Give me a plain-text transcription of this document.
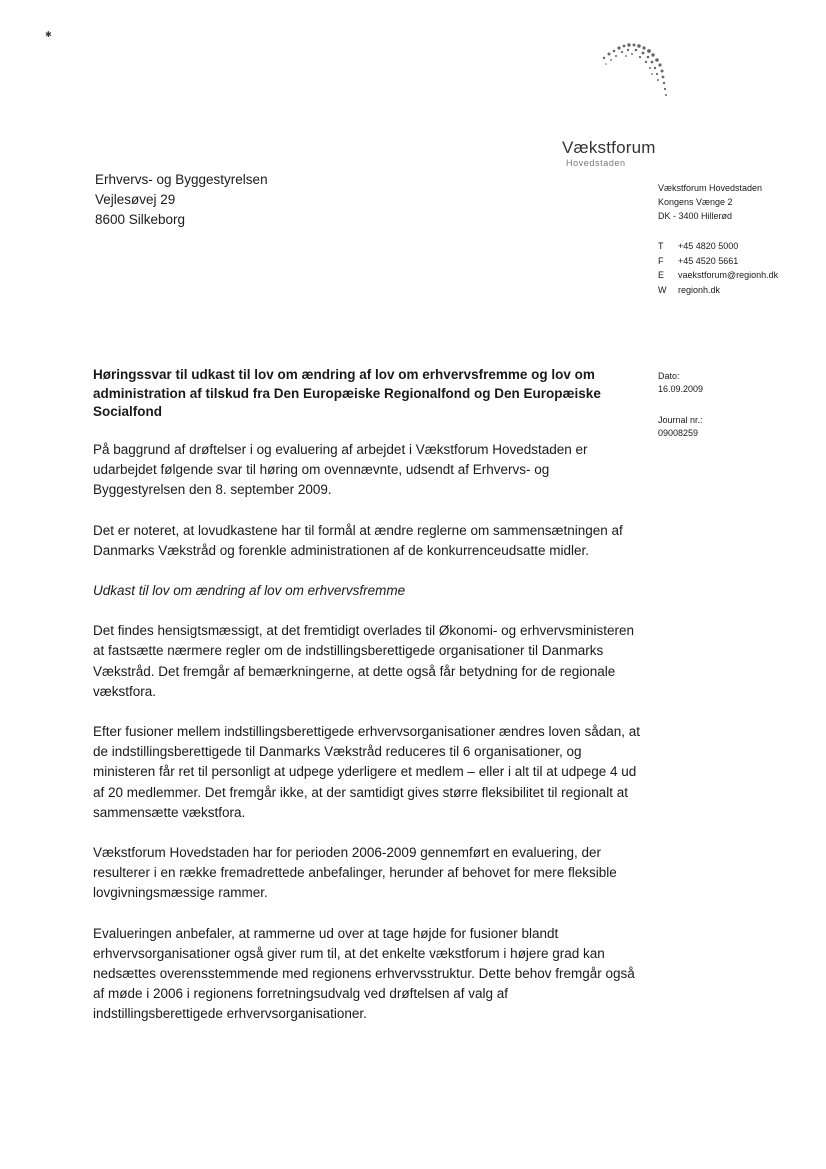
✱
Vækstforum
Hovedstaden
Erhvervs- og Byggestyrelsen
Vejlesøvej 29
8600 Silkeborg
Vækstforum Hovedstaden
Kongens Vænge 2
DK - 3400 Hillerød
T +45 4820 5000
F +45 4520 5661
E vaekstforum@regionh.dk
W regionh.dk
Dato:
16.09.2009
Journal nr.:
09008259
Høringssvar til udkast til lov om ændring af lov om erhvervsfremme og lov om administration af tilskud fra Den Europæiske Regionalfond og Den Europæiske Socialfond

På baggrund af drøftelser i og evaluering af arbejdet i Vækstforum Hovedstaden er udarbejdet følgende svar til høring om ovennævnte, udsendt af Erhvervs- og Byggestyrelsen den 8. september 2009.

Det er noteret, at lovudkastene har til formål at ændre reglerne om sammensætningen af Danmarks Vækstråd og forenkle administrationen af de konkurrenceudsatte midler.

Udkast til lov om ændring af lov om erhvervsfremme

Det findes hensigtsmæssigt, at det fremtidigt overlades til Økonomi- og erhvervsministeren at fastsætte nærmere regler om de indstillingsberettigede organisationer til Danmarks Vækstråd. Det fremgår af bemærkningerne, at dette også får betydning for de regionale vækstfora.

Efter fusioner mellem indstillingsberettigede erhvervsorganisationer ændres loven sådan, at de indstillingsberettigede til Danmarks Vækstråd reduceres til 6 organisationer, og ministeren får ret til personligt at udpege yderligere et medlem – eller i alt til at udpege 4 ud af 20 medlemmer. Det fremgår ikke, at der samtidigt gives større fleksibilitet til regionalt at sammensætte vækstfora.

Vækstforum Hovedstaden har for perioden 2006-2009 gennemført en evaluering, der resulterer i en række fremadrettede anbefalinger, herunder af behovet for mere fleksible lovgivningsmæssige rammer.

Evalueringen anbefaler, at rammerne ud over at tage højde for fusioner blandt erhvervsorganisationer også giver rum til, at det enkelte vækstforum i højere grad kan nedsættes overensstemmende med regionens erhvervsstruktur. Dette behov fremgår også af møde i 2006 i regionens forretningsudvalg ved drøftelsen af valg af indstillingsberettigede erhvervsorganisationer.
